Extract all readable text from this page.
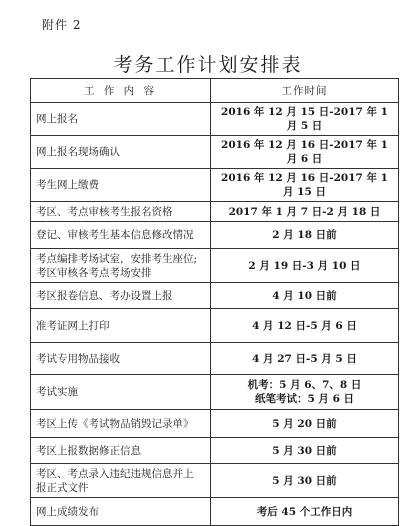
附件 2
考务工作计划安排表
工 作 内 容	工作时间

网上报名	2016 年 12 月 15 日-2017 年 1 月 5 日

网上报名现场确认	2016 年 12 月 16 日-2017 年 1 月 6 日

考生网上缴费	2016 年 12 月 16 日-2017 年 1 月 15 日

考区、考点审核考生报名资格	2017 年 1 月 7 日-2 月 18 日

登记、审核考生基本信息修改情况	2 月 18 日前

考点编排考场试室，安排考生座位;
考区审核各考点考场安排	2 月 19 日-3 月 10 日

考区报卷信息、考办设置上报	4 月 10 日前

准考证网上打印	4 月 12 日-5 月 6 日

考试专用物品接收	4 月 27 日-5 月 5 日

考试实施	机考：5 月 6、7、8 日
纸笔考试：5 月 6 日

考区上传《考试物品销毁记录单》	5 月 20 日前

考区上报数据修正信息	5 月 30 日前

考区、考点录入违纪违规信息并上
报正式文件	5 月 30 日前

网上成绩发布	考后 45 个工作日内
